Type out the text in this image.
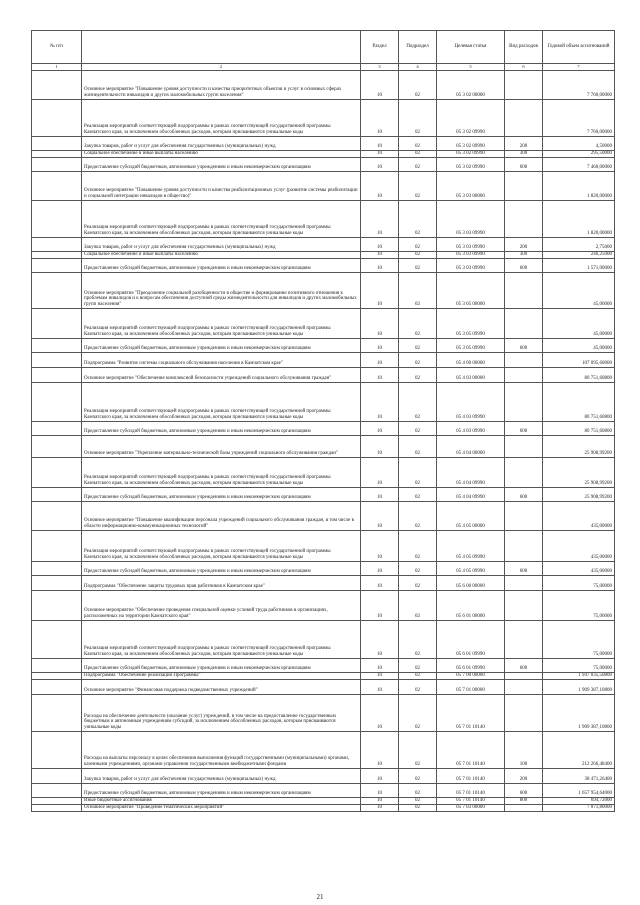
№ п/п		Раздел	Подраздел	Целевая статья	Вид расходов	Годовой объем ассигнований
1	2	3	4	5	6	7
	Основное мероприятие "Повышение уровня доступности и качества приоритетных объектов и услуг в основных сферах жизнедеятельности инвалидов и других маломобильных групп населения"	10	02	05 3 02 00000		7 760,00000
	Реализация мероприятий соответствующей подпрограммы в рамках соответствующей государственной программы Камчатского края, за исключением обособленных расходов, которым присваиваются уникальные коды	10	02	05 3 02 09990		7 760,00000
	Закупка товаров, работ и услуг для обеспечения государственных (муниципальных) нужд	10	02	05 3 02 09990	200	4,50000
	Социальное обеспечение и иные выплаты населению	10	02	05 3 02 09990	300	295,50000
	Предоставление субсидий бюджетным, автономным учреждениям и иным некоммерческим организациям	10	02	05 3 02 09990	600	7 460,00000
	Основное мероприятие "Повышение уровня доступности и качества реабилитационных услуг (развитие системы реабилитации и социальной интеграции инвалидов в общество)"	10	02	05 3 03 00000		1 820,00000
	Реализация мероприятий соответствующей подпрограммы в рамках соответствующей государственной программы Камчатского края, за исключением обособленных расходов, которым присваиваются уникальные коды	10	02	05 3 03 09990		1 820,00000
	Закупка товаров, работ и услуг для обеспечения государственных (муниципальных) нужд	10	02	05 3 03 09990	200	2,75000
	Социальное обеспечение и иные выплаты населению	10	02	05 3 03 09990	300	246,25000
	Предоставление субсидий бюджетным, автономным учреждениям и иным некоммерческим организациям	10	02	05 3 03 09990	600	1 571,00000
	Основное мероприятие "Преодоление социальной разобщенности в обществе и формирование позитивного отношения к проблемам инвалидов и к вопросам обеспечения доступной среды жизнедеятельности для инвалидов и других маломобильных групп населения"	10	02	05 3 05 00000		45,00000
	Реализация мероприятий соответствующей подпрограммы в рамках соответствующей государственной программы Камчатского края, за исключением обособленных расходов, которым присваиваются уникальные коды	10	02	05 3 05 09990		45,00000
	Предоставление субсидий бюджетным, автономным учреждениям и иным некоммерческим организациям	10	02	05 3 05 09990	600	45,00000
	Подпрограмма "Развитие системы социального обслуживания населения в Камчатском крае"	10	02	05 4 00 00000		107 095,60000
	Основное мероприятие "Обеспечение комплексной безопасности учреждений социального обслуживания граждан"	10	02	05 4 03 00000		80 751,60800
	Реализация мероприятий соответствующей подпрограммы в рамках соответствующей государственной программы Камчатского края, за исключением обособленных расходов, которым присваиваются уникальные коды	10	02	05 4 03 09990		80 751,60800
	Предоставление субсидий бюджетным, автономным учреждениям и иным некоммерческим организациям	10	02	05 4 03 09990	600	80 751,60800
	Основное мероприятие "Укрепление материально-технической базы учреждений социального обслуживания граждан"	10	02	05 4 04 00000		25 908,99200
	Реализация мероприятий соответствующей подпрограммы в рамках соответствующей государственной программы Камчатского края, за исключением обособленных расходов, которым присваиваются уникальные коды	10	02	05 4 04 09990		25 908,99200
	Предоставление субсидий бюджетным, автономным учреждениям и иным некоммерческим организациям	10	02	05 4 04 09990	600	25 908,99200
	Основное мероприятие "Повышение квалификации персонала учреждений социального обслуживания граждан, в том числе в области информационно-коммуникационных технологий"	10	02	05 4 05 00000		435,00000
	Реализация мероприятий соответствующей подпрограммы в рамках соответствующей государственной программы Камчатского края, за исключением обособленных расходов, которым присваиваются уникальные коды	10	02	05 4 05 09990		435,00000
	Предоставление субсидий бюджетным, автономным учреждениям и иным некоммерческим организациям	10	02	05 4 05 09990	600	435,00000
	Подпрограмма "Обеспечение защиты трудовых прав работников в Камчатском крае"	10	02	05 6 00 00000		75,00000
	Основное мероприятие "Обеспечение проведения специальной оценки условий труда работников в организациях, расположенных на территории Камчатского края"	10	02	05 6 01 00000		75,00000
	Реализация мероприятий соответствующей подпрограммы в рамках соответствующей государственной программы Камчатского края, за исключением обособленных расходов, которым присваиваются уникальные коды	10	02	05 6 01 09990		75,00000
	Предоставление субсидий бюджетным, автономным учреждениям и иным некоммерческим организациям	10	02	05 6 01 09990	600	75,00000
	Подпрограмма "Обеспечение реализации Программы"	10	02	05 7 00 00000		1 947 035,50800
	Основное мероприятие "Финансовая поддержка подведомственных учреждений"	10	02	05 7 01 00000		1 909 387,10800
	Расходы на обеспечение деятельности (оказание услуг) учреждений, в том числе на предоставление государственным бюджетным и автономным учреждениям субсидий, за исключением обособленных расходов, которым присваиваются уникальные коды	10	02	05 7 01 10140		1 909 387,10800
	Расходы на выплаты персоналу в целях обеспечения выполнения функций государственными (муниципальными) органами, казенными учреждениями, органами управления государственными внебюджетными фондами	10	02	05 7 01 10140	100	212 266,48400
	Закупка товаров, работ и услуг для обеспечения государственных (муниципальных) нужд	10	02	05 7 01 10140	200	38 471,26400
	Предоставление субсидий бюджетным, автономным учреждениям и иным некоммерческим организациям	10	02	05 7 01 10140	600	1 657 954,64000
	Иные бюджетные ассигнования	10	02	05 7 01 10140	800	694,72000
	Основное мероприятие "Проведение тематических мероприятий"	10	02	05 7 03 00000		7 071,80000
21
